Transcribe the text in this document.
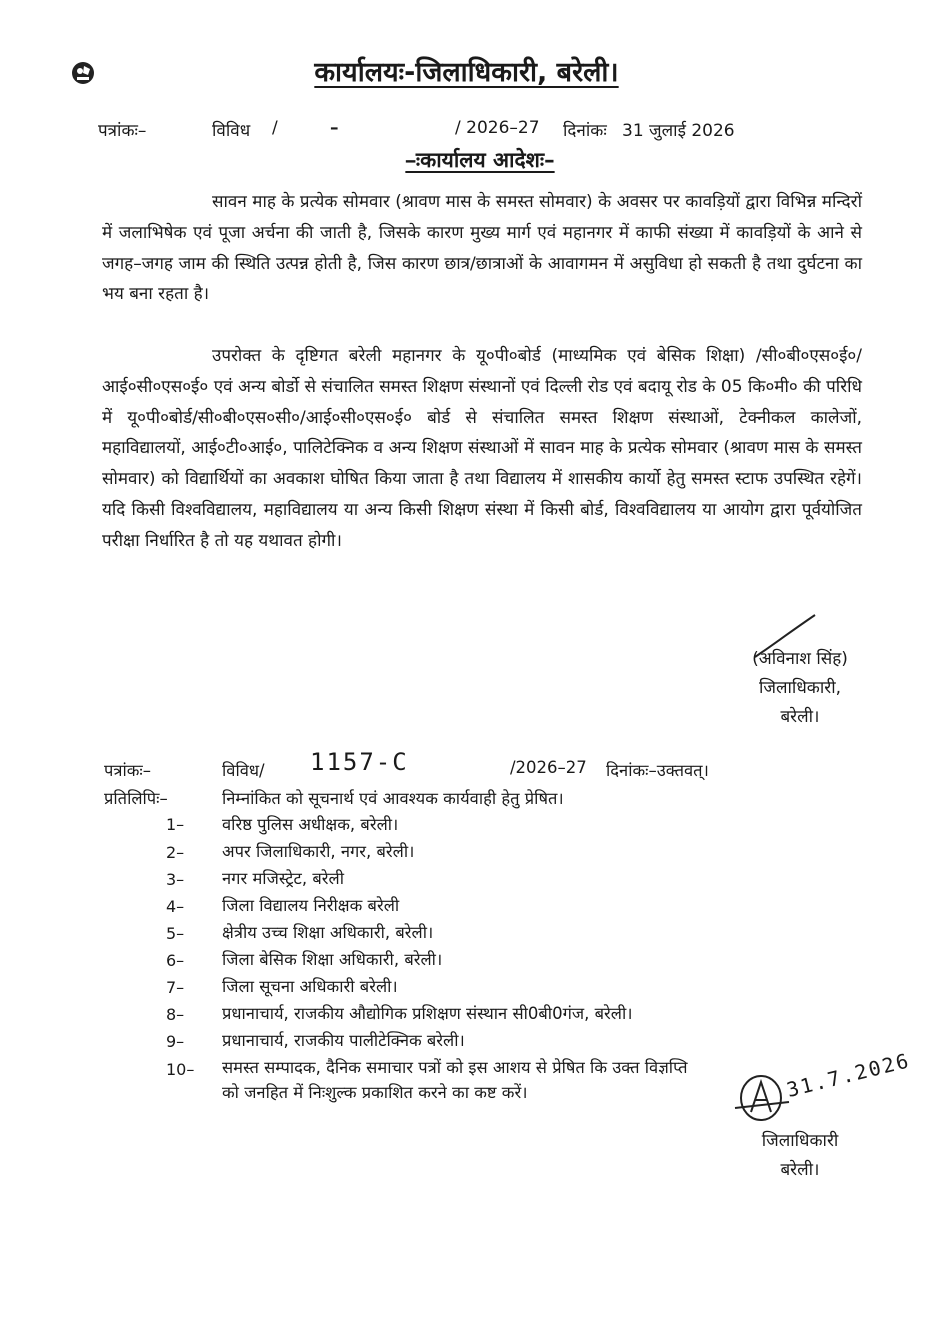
कार्यालयः-जिलाधिकारी, बरेली।
पत्रांकः–	विविध /	–	/ 2026–27 दिनांकः 31 जुलाई 2026
–ःकार्यालय आदेशः–
सावन माह के प्रत्येक सोमवार (श्रावण मास के समस्त सोमवार) के अवसर पर कावड़ियों द्वारा विभिन्न मन्दिरों में जलाभिषेक एवं पूजा अर्चना की जाती है, जिसके कारण मुख्य मार्ग एवं महानगर में काफी संख्या में कावड़ियों के आने से जगह–जगह जाम की स्थिति उत्पन्न होती है, जिस कारण छात्र/छात्राओं के आवागमन में असुविधा हो सकती है तथा दुर्घटना का भय बना रहता है।
उपरोक्त के दृष्टिगत बरेली महानगर के यू०पी०बोर्ड (माध्यमिक एवं बेसिक शिक्षा) /सी०बी०एस०ई०/आई०सी०एस०ई० एवं अन्य बोर्डो से संचालित समस्त शिक्षण संस्थानों एवं दिल्ली रोड एवं बदायू रोड के 05 कि०मी० की परिधि में यू०पी०बोर्ड/सी०बी०एस०सी०/आई०सी०एस०ई० बोर्ड से संचालित समस्त शिक्षण संस्थाओं, टेक्नीकल कालेजों, महाविद्यालयों, आई०टी०आई०, पालिटेक्निक व अन्य शिक्षण संस्थाओं में सावन माह के प्रत्येक सोमवार (श्रावण मास के समस्त सोमवार) को विद्यार्थियों का अवकाश घोषित किया जाता है तथा विद्यालय में शासकीय कार्यो हेतु समस्त स्टाफ उपस्थित रहेगें। यदि किसी विश्वविद्यालय, महाविद्यालय या अन्य किसी शिक्षण संस्था में किसी बोर्ड, विश्वविद्यालय या आयोग द्वारा पूर्वयोजित परीक्षा निर्धारित है तो यह यथावत होगी।
(अविनाश सिंह)
जिलाधिकारी,
बरेली।
पत्रांकः–	विविध/ 1157-C	/2026–27 दिनांकः–उक्तवत्।
प्रतिलिपिः–	निम्नांकित को सूचनार्थ एवं आवश्यक कार्यवाही हेतु प्रेषित।
1– वरिष्ठ पुलिस अधीक्षक, बरेली।
2– अपर जिलाधिकारी, नगर, बरेली।
3– नगर मजिस्ट्रेट, बरेली
4– जिला विद्यालय निरीक्षक बरेली
5– क्षेत्रीय उच्च शिक्षा अधिकारी, बरेली।
6– जिला बेसिक शिक्षा अधिकारी, बरेली।
7– जिला सूचना अधिकारी बरेली।
8– प्रधानाचार्य, राजकीय औद्योगिक प्रशिक्षण संस्थान सी0बी0गंज, बरेली।
9– प्रधानाचार्य, राजकीय पालीटेक्निक बरेली।
10– समस्त सम्पादक, दैनिक समाचार पत्रों को इस आशय से प्रेषित कि उक्त विज्ञप्ति
को जनहित में निःशुल्क प्रकाशित करने का कष्ट करें।	31.7.2026
जिलाधिकारी
बरेली।
